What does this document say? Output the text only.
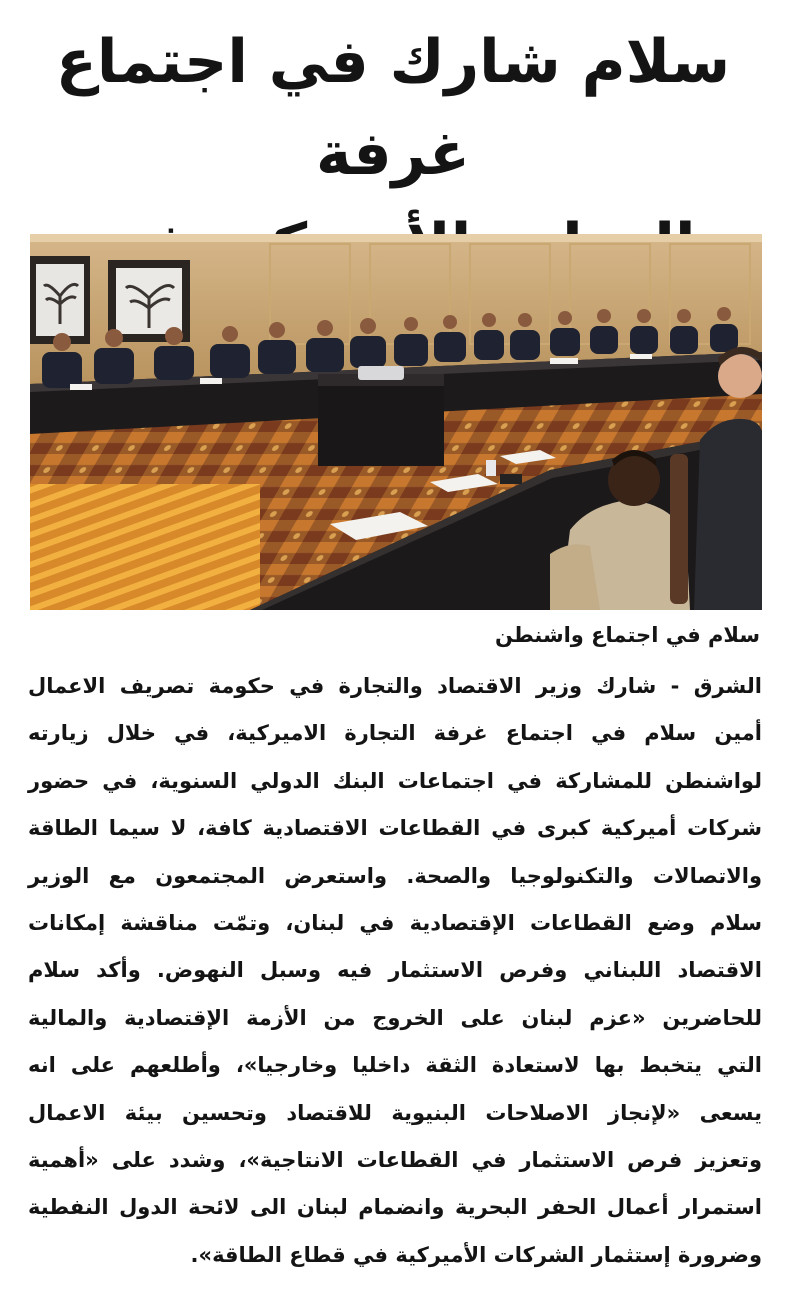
سلام شارك في اجتماع غرفة
سلام في اجتماع واشنطن
الشرق - شارك وزير الاقتصاد والتجارة في حكومة تصريف الاعمال
أمين سلام في اجتماع غرفة التجارة الاميركية، في خلال زيارته
لواشنطن للمشاركة في اجتماعات البنك الدولي السنوية، في حضور
شركات أميركية كبرى في القطاعات الاقتصادية كافة، لا سيما الطاقة
والاتصالات والتكنولوجيا والصحة. واستعرض المجتمعون مع الوزير
سلام وضع القطاعات الإقتصادية في لبنان، وتمّت مناقشة إمكانات
الاقتصاد اللبناني وفرص الاستثمار فيه وسبل النهوض. وأكد سلام
للحاضرين «عزم لبنان على الخروج من الأزمة الإقتصادية والمالية
التي يتخبط بها لاستعادة الثقة داخليا وخارجيا»، وأطلعهم على انه
يسعى «لإنجاز الاصلاحات البنيوية للاقتصاد وتحسين بيئة الاعمال
وتعزيز فرص الاستثمار في القطاعات الانتاجية»، وشدد على «أهمية
استمرار أعمال الحفر البحرية وانضمام لبنان الى لائحة الدول النفطية
وضرورة إستثمار الشركات الأميركية في قطاع الطاقة».
